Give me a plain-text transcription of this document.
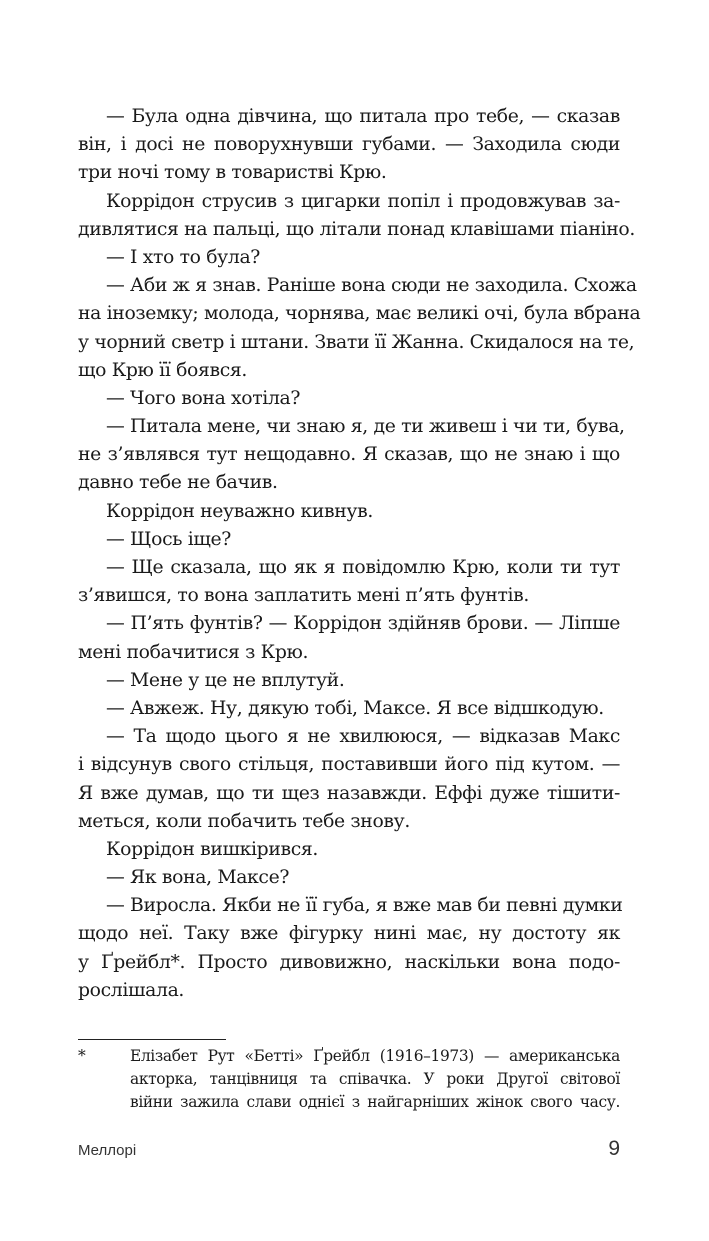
— Була одна дівчина, що питала про тебе, — сказав
він, і досі не поворухнувши губами. — Заходила сюди
три ночі тому в товаристві Крю.
Коррідон струсив з цигарки попіл і продовжував за-
дивлятися на пальці, що літали понад клавішами піаніно.
— І хто то була?
— Аби ж я знав. Раніше вона сюди не заходила. Схожа
на іноземку; молода, чорнява, має великі очі, була вбрана
у чорний светр і штани. Звати її Жанна. Скидалося на те,
що Крю її боявся.
— Чого вона хотіла?
— Питала мене, чи знаю я, де ти живеш і чи ти, бува,
не з’являвся тут нещодавно. Я сказав, що не знаю і що
давно тебе не бачив.
Коррідон неуважно кивнув.
— Щось іще?
— Ще сказала, що як я повідомлю Крю, коли ти тут
з’явишся, то вона заплатить мені п’ять фунтів.
— П’ять фунтів? — Коррідон здійняв брови. — Ліпше
мені побачитися з Крю.
— Мене у це не вплутуй.
— Авжеж. Ну, дякую тобі, Максе. Я все відшкодую.
— Та щодо цього я не хвилююся, — відказав Макс
і відсунув свого стільця, поставивши його під кутом. —
Я вже думав, що ти щез назавжди. Еффі дуже тішити-
меться, коли побачить тебе знову.
Коррідон вишкірився.
— Як вона, Максе?
— Виросла. Якби не її губа, я вже мав би певні думки
щодо неї. Таку вже фігурку нині має, ну достоту як
у Ґрейбл*. Просто дивовижно, наскільки вона подо-
рослішала.
*	Елізабет Рут «Бетті» Ґрейбл (1916–1973) — американська
акторка, танцівниця та співачка. У роки Другої світової
війни зажила слави однієї з найгарніших жінок свого часу.
Меллорі	9
